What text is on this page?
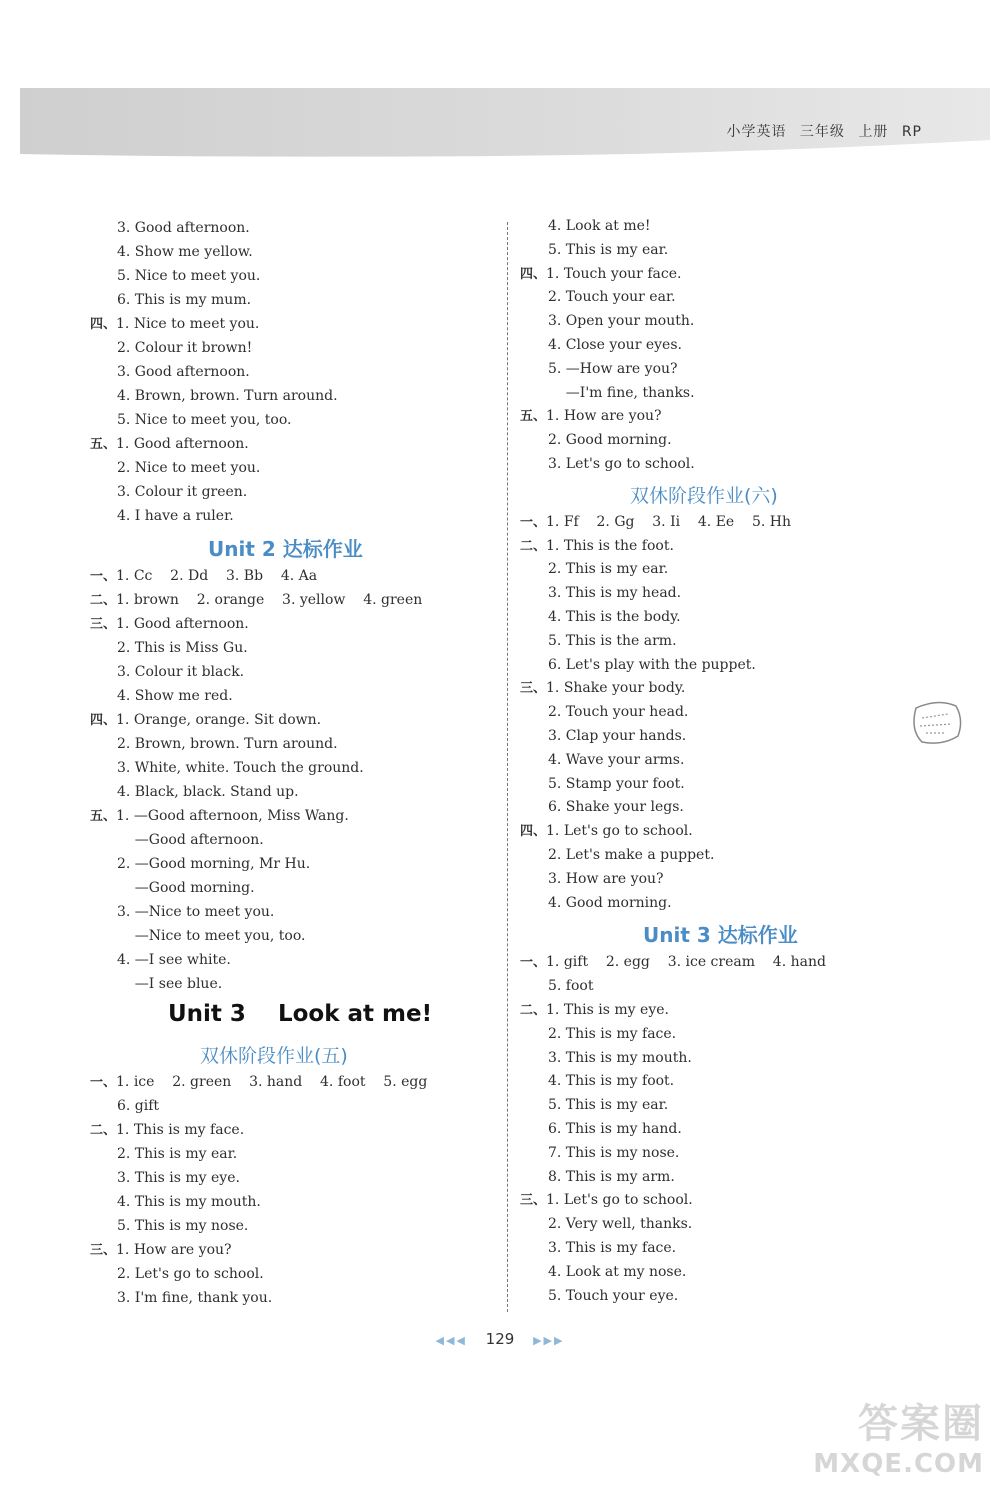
小学英语 三年级 上册 RP
3. Good afternoon.
4. Show me yellow.
5. Nice to meet you.
6. This is my mum.
四、1. Nice to meet you.
2. Colour it brown!
3. Good afternoon.
4. Brown, brown. Turn around.
5. Nice to meet you, too.
五、1. Good afternoon.
2. Nice to meet you.
3. Colour it green.
4. I have a ruler.
Unit 2 达标作业
一、1. Cc    2. Dd    3. Bb    4. Aa
二、1. brown    2. orange    3. yellow    4. green
三、1. Good afternoon.
2. This is Miss Gu.
3. Colour it black.
4. Show me red.
四、1. Orange, orange. Sit down.
2. Brown, brown. Turn around.
3. White, white. Touch the ground.
4. Black, black. Stand up.
五、1. —Good afternoon, Miss Wang.
—Good afternoon.
2. —Good morning, Mr Hu.
—Good morning.
3. —Nice to meet you.
—Nice to meet you, too.
4. —I see white.
—I see blue.
Unit 3    Look at me!
双休阶段作业(五)
一、1. ice    2. green    3. hand    4. foot    5. egg
6. gift
二、1. This is my face.
2. This is my ear.
3. This is my eye.
4. This is my mouth.
5. This is my nose.
三、1. How are you?
2. Let's go to school.
3. I'm fine, thank you.
4. Look at me!
5. This is my ear.
四、1. Touch your face.
2. Touch your ear.
3. Open your mouth.
4. Close your eyes.
5. —How are you?
—I'm fine, thanks.
五、1. How are you?
2. Good morning.
3. Let's go to school.
双休阶段作业(六)
一、1. Ff    2. Gg    3. Ii    4. Ee    5. Hh
二、1. This is the foot.
2. This is my ear.
3. This is my head.
4. This is the body.
5. This is the arm.
6. Let's play with the puppet.
三、1. Shake your body.
2. Touch your head.
3. Clap your hands.
4. Wave your arms.
5. Stamp your foot.
6. Shake your legs.
四、1. Let's go to school.
2. Let's make a puppet.
3. How are you?
4. Good morning.
Unit 3 达标作业
一、1. gift    2. egg    3. ice cream    4. hand
5. foot
二、1. This is my eye.
2. This is my face.
3. This is my mouth.
4. This is my foot.
5. This is my ear.
6. This is my hand.
7. This is my nose.
8. This is my arm.
三、1. Let's go to school.
2. Very well, thanks.
3. This is my face.
4. Look at my nose.
5. Touch your eye.
◀◀◀ 129 ▶▶▶
答案圈
MXQE.COM
